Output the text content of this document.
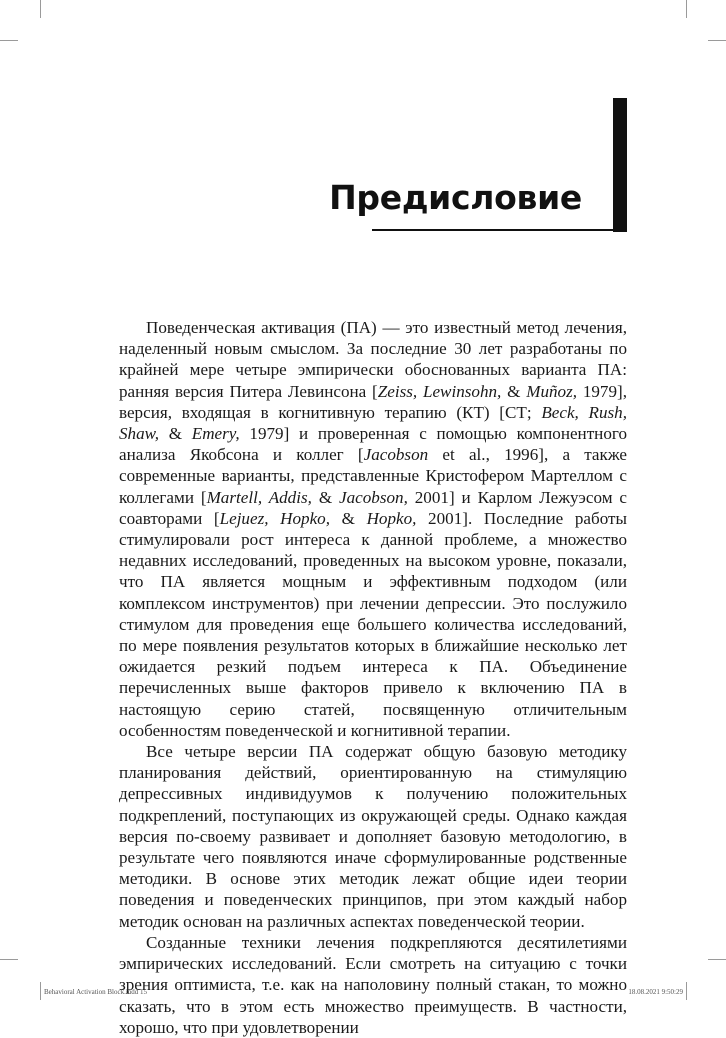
Предисловие

Поведенческая активация (ПА) — это известный метод лечения, наделенный новым смыслом. За последние 30 лет разработаны по крайней мере четыре эмпирически обоснованных варианта ПА: ранняя версия Питера Левинсона [Zeiss, Lewinsohn, & Muñoz, 1979], версия, входящая в когнитивную терапию (КТ) [СТ; Beck, Rush, Shaw, & Emery, 1979] и проверенная с помощью компонентного анализа Якобсона и коллег [Jacobson et al., 1996], а также современные варианты, представленные Кристофером Мартеллом с коллегами [Martell, Addis, & Jacobson, 2001] и Карлом Лежуэсом с соавторами [Lejuez, Hopko, & Hopko, 2001]. Последние работы стимулировали рост интереса к данной проблеме, а множество недавних исследований, проведенных на высоком уровне, показали, что ПА является мощным и эффективным подходом (или комплексом инструментов) при лечении депрессии. Это послужило стимулом для проведения еще большего количества исследований, по мере появления результатов которых в ближайшие несколько лет ожидается резкий подъем интереса к ПА. Объединение перечисленных выше факторов привело к включению ПА в настоящую серию статей, посвященную отличительным особенностям поведенческой и когнитивной терапии.

Все четыре версии ПА содержат общую базовую методику планирования действий, ориентированную на стимуляцию депрессивных индивидуумов к получению положительных подкреплений, поступающих из окружающей среды. Однако каждая версия по-своему развивает и дополняет базовую методологию, в результате чего появляются иначе сформулированные родственные методики. В основе этих методик лежат общие идеи теории поведения и поведенческих принципов, при этом каждый набор методик основан на различных аспектах поведенческой теории.

Созданные техники лечения подкрепляются десятилетиями эмпирических исследований. Если смотреть на ситуацию с точки зрения оптимиста, т.е. как на наполовину полный стакан, то можно сказать, что в этом есть множество преимуществ. В частности, хорошо, что при удовлетворении

Behavioral Activation Block.indd 15	18.08.2021 9:50:29
